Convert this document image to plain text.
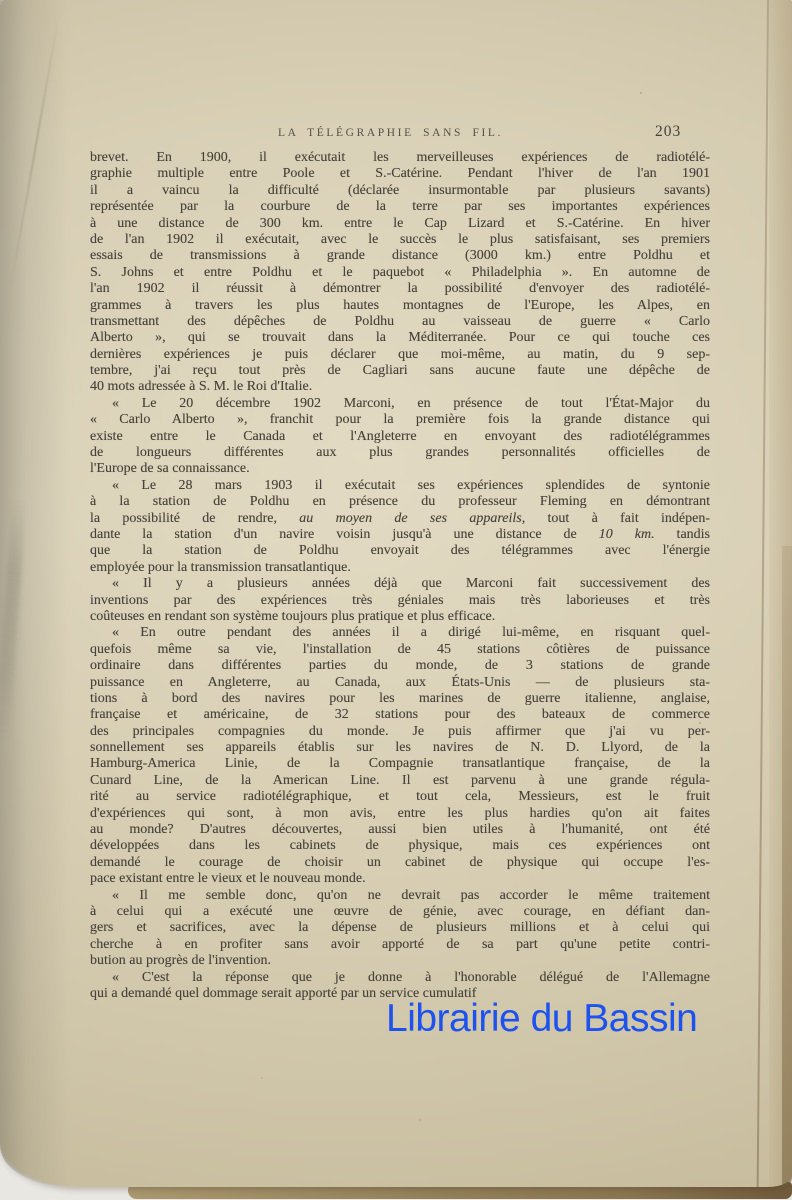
LA TÉLÉGRAPHIE SANS FIL.	203

brevet. En 1900, il exécutait les merveilleuses expériences de radiotélé-
graphie multiple entre Poole et S.-Catérine. Pendant l'hiver de l'an 1901
il a vaincu la difficulté (déclarée insurmontable par plusieurs savants)
représentée par la courbure de la terre par ses importantes expériences
à une distance de 300 km. entre le Cap Lizard et S.-Catérine. En hiver
de l'an 1902 il exécutait, avec le succès le plus satisfaisant, ses premiers
essais de transmissions à grande distance (3000 km.) entre Poldhu et
S. Johns et entre Poldhu et le paquebot « Philadelphia ». En automne de
l'an 1902 il réussit à démontrer la possibilité d'envoyer des radiotélé-
grammes à travers les plus hautes montagnes de l'Europe, les Alpes, en
transmettant des dépêches de Poldhu au vaisseau de guerre « Carlo
Alberto », qui se trouvait dans la Méditerranée. Pour ce qui touche ces
dernières expériences je puis déclarer que moi-même, au matin, du 9 sep-
tembre, j'ai reçu tout près de Cagliari sans aucune faute une dépêche de
40 mots adressée à S. M. le Roi d'Italie.

« Le 20 décembre 1902 Marconi, en présence de tout l'État-Major du
« Carlo Alberto », franchit pour la première fois la grande distance qui
existe entre le Canada et l'Angleterre en envoyant des radiotélégrammes
de longueurs différentes aux plus grandes personnalités officielles de
l'Europe de sa connaissance.

« Le 28 mars 1903 il exécutait ses expériences splendides de syntonie
à la station de Poldhu en présence du professeur Fleming en démontrant
la possibilité de rendre, au moyen de ses appareils, tout à fait indépen-
dante la station d'un navire voisin jusqu'à une distance de 10 km. tandis
que la station de Poldhu envoyait des télégrammes avec l'énergie
employée pour la transmission transatlantique.

« Il y a plusieurs années déjà que Marconi fait successivement des
inventions par des expériences très géniales mais très laborieuses et très
coûteuses en rendant son système toujours plus pratique et plus efficace.

« En outre pendant des années il a dirigé lui-même, en risquant quel-
quefois même sa vie, l'installation de 45 stations côtières de puissance
ordinaire dans différentes parties du monde, de 3 stations de grande
puissance en Angleterre, au Canada, aux États-Unis — de plusieurs sta-
tions à bord des navires pour les marines de guerre italienne, anglaise,
française et américaine, de 32 stations pour des bateaux de commerce
des principales compagnies du monde. Je puis affirmer que j'ai vu per-
sonnellement ses appareils établis sur les navires de N. D. Llyord, de la
Hamburg-America Linie, de la Compagnie transatlantique française, de la
Cunard Line, de la American Line. Il est parvenu à une grande régula-
rité au service radiotélégraphique, et tout cela, Messieurs, est le fruit
d'expériences qui sont, à mon avis, entre les plus hardies qu'on ait faites
au monde? D'autres découvertes, aussi bien utiles à l'humanité, ont été
développées dans les cabinets de physique, mais ces expériences ont
demandé le courage de choisir un cabinet de physique qui occupe l'es-
pace existant entre le vieux et le nouveau monde.

« Il me semble donc, qu'on ne devrait pas accorder le même traitement
à celui qui a exécuté une œuvre de génie, avec courage, en défiant dan-
gers et sacrifices, avec la dépense de plusieurs millions et à celui qui
cherche à en profiter sans avoir apporté de sa part qu'une petite contri-
bution au progrès de l'invention.

« C'est la réponse que je donne à l'honorable délégué de l'Allemagne
qui a demandé quel dommage serait apporté par un service cumulatif

Librairie du Bassin
